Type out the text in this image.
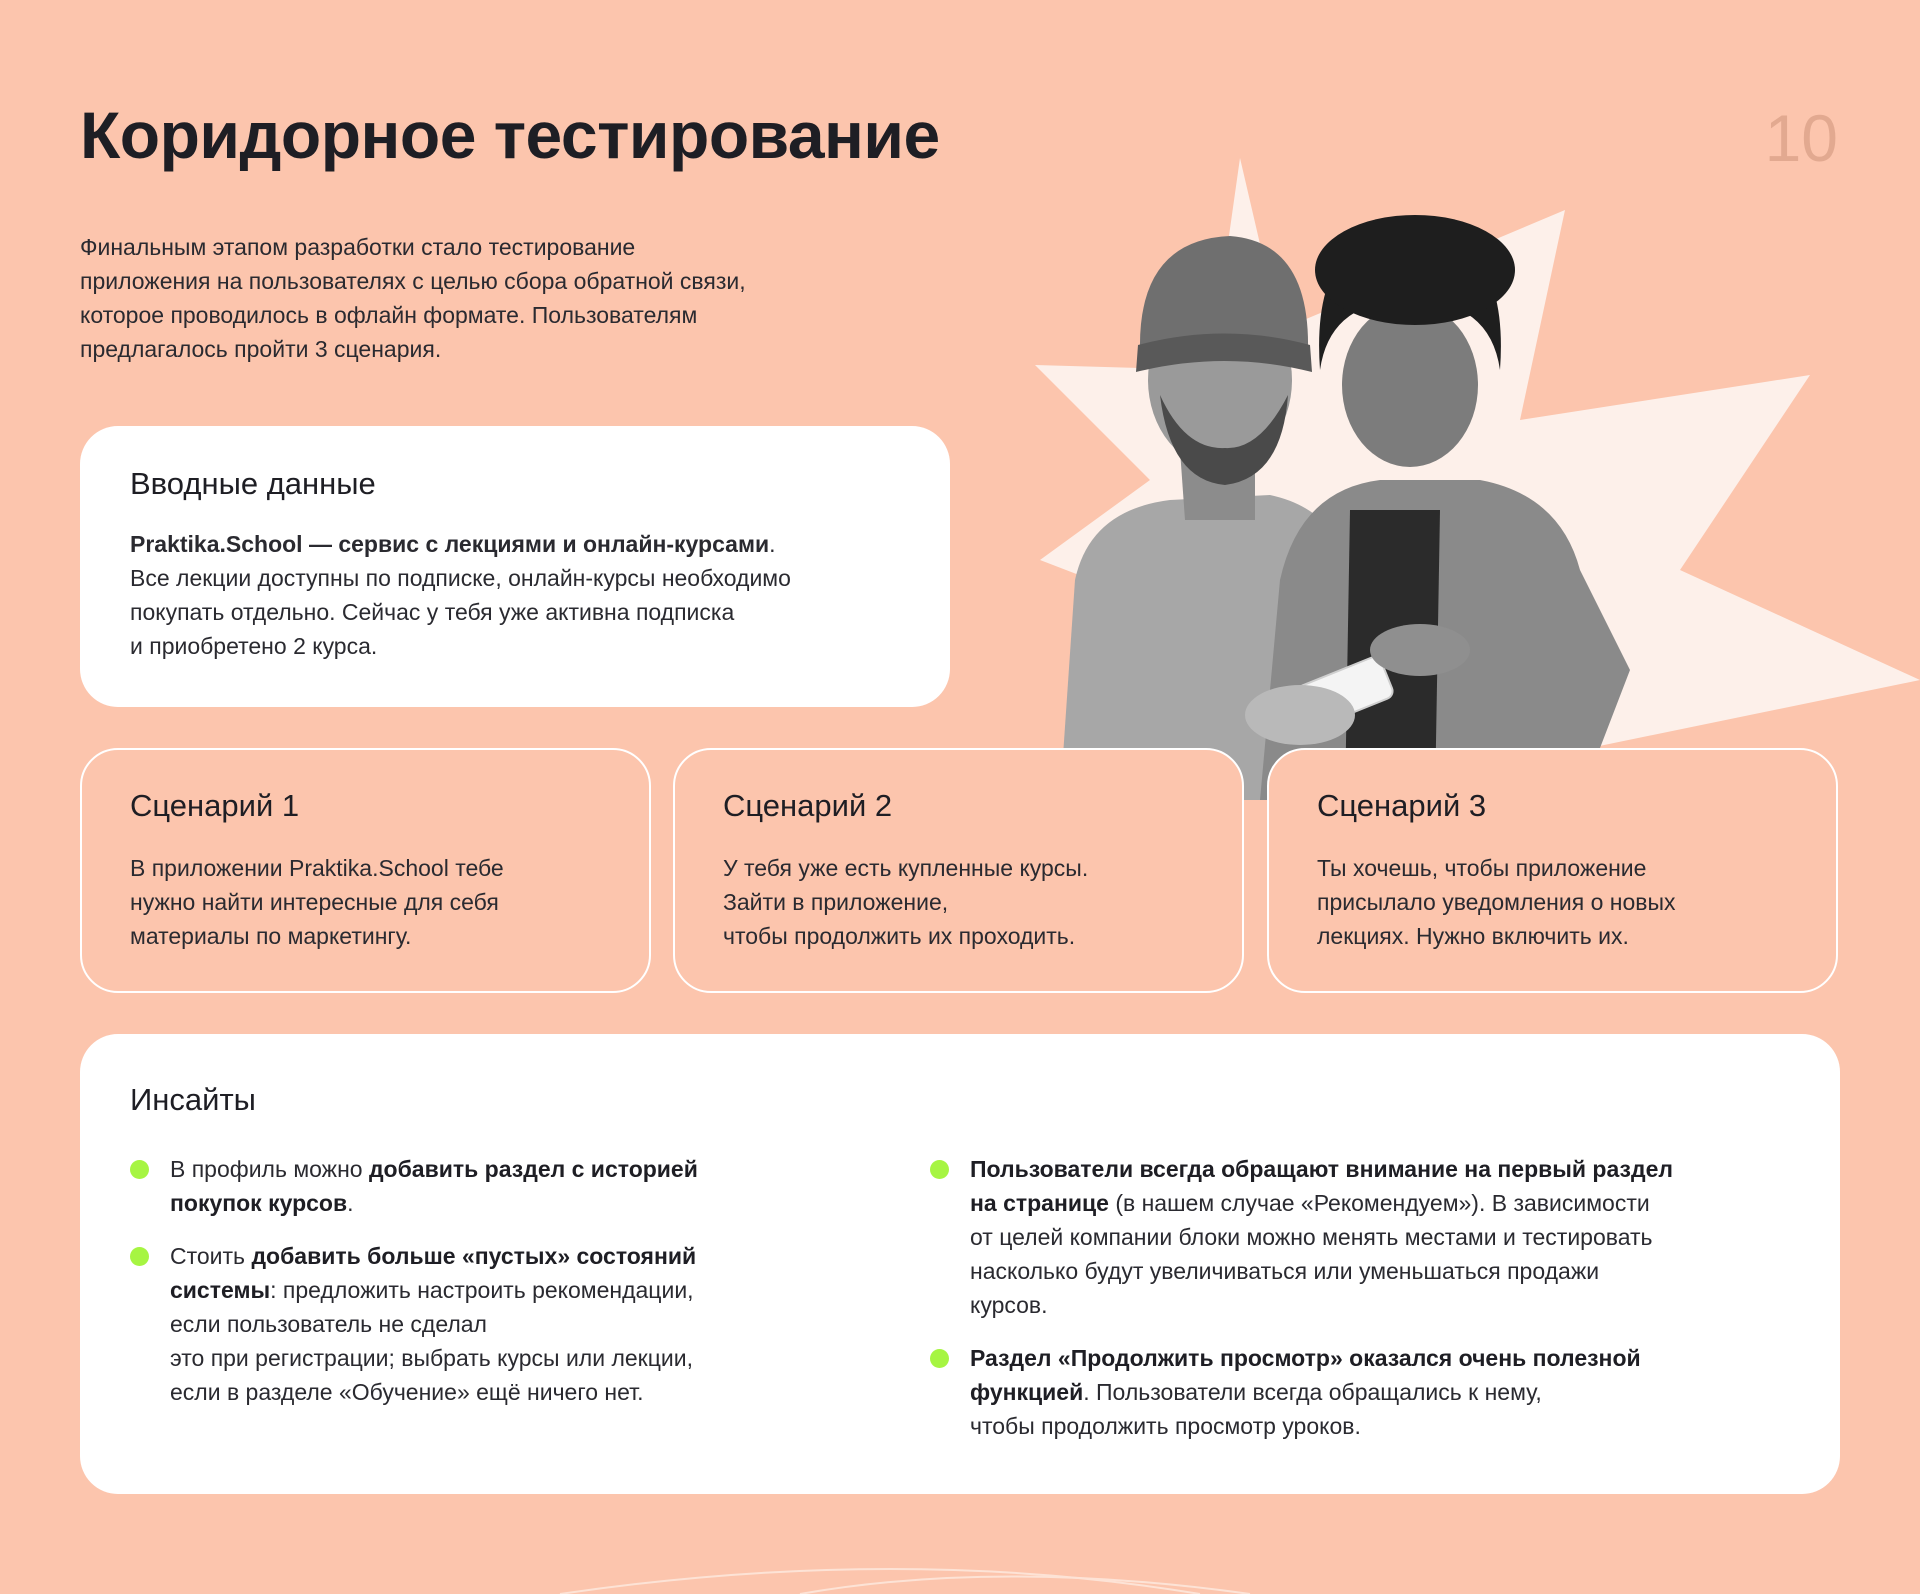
Коридорное тестирование	10

Финальным этапом разработки стало тестирование
приложения на пользователях с целью сбора обратной связи,
которое проводилось в офлайн формате. Пользователям
предлагалось пройти 3 сценария.

Вводные данные

Praktika.School — сервис с лекциями и онлайн-курсами.
Все лекции доступны по подписке, онлайн-курсы необходимо
покупать отдельно. Сейчас у тебя уже активна подписка
и приобретено 2 курса.

Сценарий 1

В приложении Praktika.School тебе
нужно найти интересные для себя
материалы по маркетингу.

Сценарий 2

У тебя уже есть купленные курсы.
Зайти в приложение,
чтобы продолжить их проходить.

Сценарий 3

Ты хочешь, чтобы приложение
присылало уведомления о новых
лекциях. Нужно включить их.

Инсайты
В профиль можно добавить раздел с историей
покупок курсов.
Стоить добавить больше «пустых» состояний
системы: предложить настроить рекомендации,
если пользователь не сделал
это при регистрации; выбрать курсы или лекции,
если в разделе «Обучение» ещё ничего нет.
Пользователи всегда обращают внимание на первый раздел
на странице (в нашем случае «Рекомендуем»). В зависимости
от целей компании блоки можно менять местами и тестировать
насколько будут увеличиваться или уменьшаться продажи
курсов.
Раздел «Продолжить просмотр» оказался очень полезной
функцией. Пользователи всегда обращались к нему,
чтобы продолжить просмотр уроков.
